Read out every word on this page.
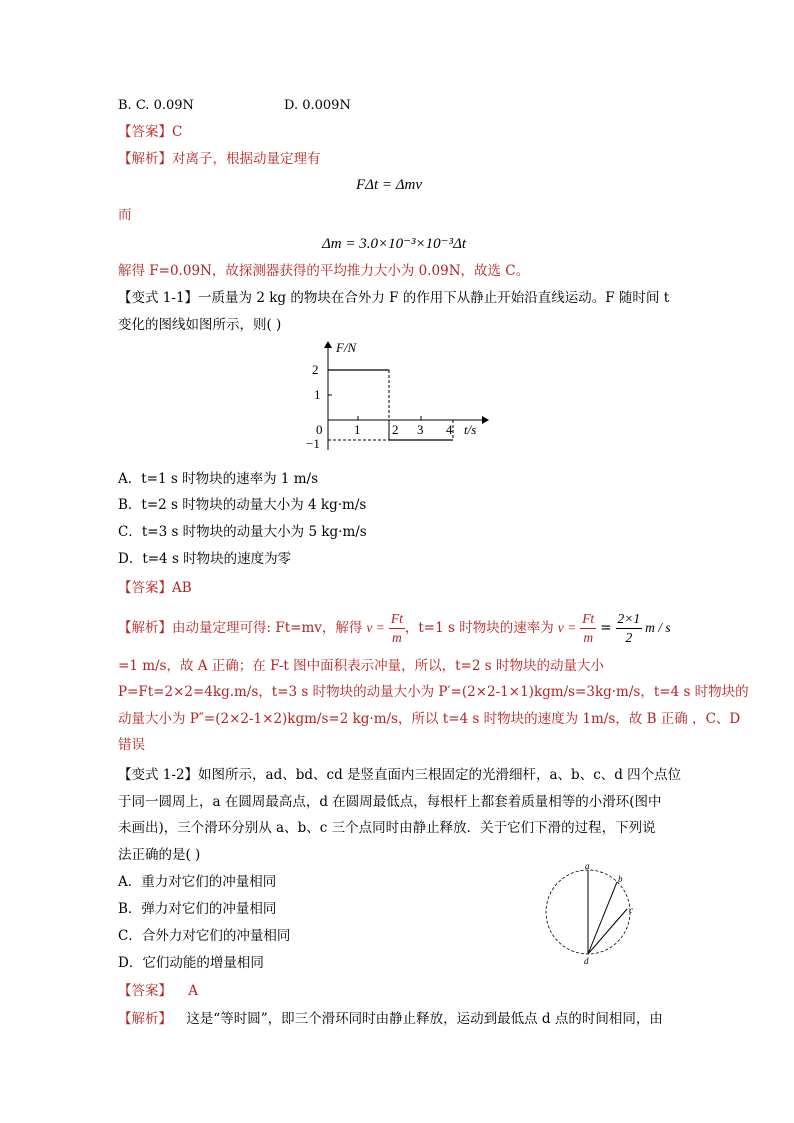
B. C. 0.09N	D. 0.009N
【答案】C
【解析】对离子，根据动量定理有
FΔt = Δmv
而
Δm = 3.0×10⁻³×10⁻³Δt
解得 F=0.09N，故探测器获得的平均推力大小为 0.09N，故选 C。
【变式 1-1】一质量为 2 kg 的物块在合外力 F 的作用下从静止开始沿直线运动。F 随时间 t
变化的图线如图所示，则( )
F/N
2
1
0
−1
1 2 3 4 t/s
A．t=1 s 时物块的速率为 1 m/s
B．t=2 s 时物块的动量大小为 4 kg·m/s
C．t=3 s 时物块的动量大小为 5 kg·m/s
D．t=4 s 时物块的速度为零
【答案】AB
【解析】由动量定理可得: Ft=mv，解得 $v = \frac{Ft}{m}$ ，t=1 s 时物块的速率为 $v = \frac{Ft}{m} = \frac{2\times 1}{2}$ m / s
=1 m/s，故 A 正确；在 F-t 图中面积表示冲量，所以，t=2 s 时物块的动量大小
P=Ft=2×2=4kg.m/s，t=3 s 时物块的动量大小为 P′=(2×2-1×1)kgm/s=3kg·m/s，t=4 s 时物块的
动量大小为 P″=(2×2-1×2)kgm/s=2 kg·m/s，所以 t=4 s 时物块的速度为 1m/s，故 B 正确 ，C、D
错误
【变式 1-2】如图所示，ad、bd、cd 是竖直面内三根固定的光滑细杆，a、b、c、d 四个点位
于同一圆周上，a 在圆周最高点，d 在圆周最低点，每根杆上都套着质量相等的小滑环(图中
未画出)，三个滑环分别从 a、b、c 三个点同时由静止释放．关于它们下滑的过程，下列说
法正确的是( )
A．重力对它们的冲量相同
B．弹力对它们的冲量相同
C．合外力对它们的冲量相同
D．它们动能的增量相同
a
b
c
d
【答案】 A
【解析】 这是“等时圆”，即三个滑环同时由静止释放，运动到最低点 d 点的时间相同，由
